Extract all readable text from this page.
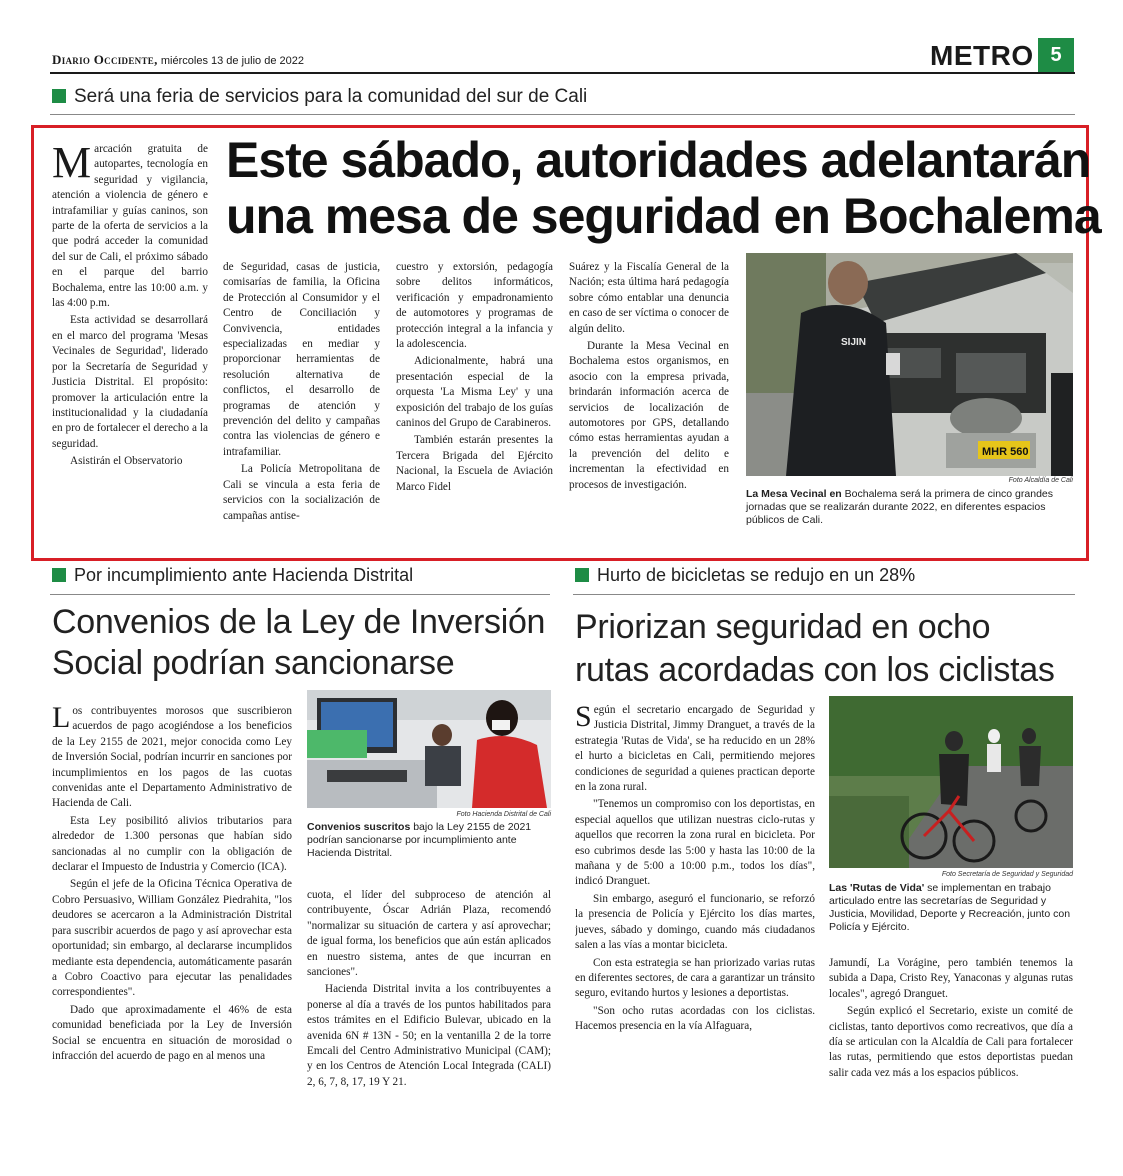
Diario Occidente, miércoles 13 de julio de 2022	METRO 5
Será una feria de servicios para la comunidad del sur de Cali
Este sábado, autoridades adelantarán
una mesa de seguridad en Bochalema

Marcación gratuita de autopartes, tecnología en seguridad y vigilancia, atención a violencia de género e intrafamiliar y guías caninos, son parte de la oferta de servicios a la que podrá acceder la comunidad del sur de Cali, el próximo sábado en el parque del barrio Bochalema, entre las 10:00 a.m. y las 4:00 p.m.

Esta actividad se desarrollará en el marco del programa 'Mesas Vecinales de Seguridad', liderado por la Secretaría de Seguridad y Justicia Distrital. El propósito: promover la articulación entre la institucionalidad y la ciudadanía en pro de fortalecer el derecho a la seguridad.

Asistirán el Observatorio

de Seguridad, casas de justicia, comisarías de familia, la Oficina de Protección al Consumidor y el Centro de Conciliación y Convivencia, entidades especializadas en mediar y proporcionar herramientas de resolución alternativa de conflictos, el desarrollo de programas de atención y prevención del delito y campañas contra las violencias de género e intrafamiliar.

La Policía Metropolitana de Cali se vincula a esta feria de servicios con la socialización de campañas antise-

cuestro y extorsión, pedagogía sobre delitos informáticos, verificación y empadronamiento de automotores y programas de protección integral a la infancia y la adolescencia.

Adicionalmente, habrá una presentación especial de la orquesta 'La Misma Ley' y una exposición del trabajo de los guías caninos del Grupo de Carabineros.

También estarán presentes la Tercera Brigada del Ejército Nacional, la Escuela de Aviación Marco Fidel

Suárez y la Fiscalía General de la Nación; esta última hará pedagogía sobre cómo entablar una denuncia en caso de ser víctima o conocer de algún delito.

Durante la Mesa Vecinal en Bochalema estos organismos, en asocio con la empresa privada, brindarán información acerca de servicios de localización de automotores por GPS, detallando cómo estas herramientas ayudan a la prevención del delito e incrementan la efectividad en procesos de investigación.

MHR 560
SIJIN
Foto Alcaldía de Cali
La Mesa Vecinal en Bochalema será la primera de cinco grandes jornadas que se realizarán durante 2022, en diferentes espacios públicos de Cali.
Por incumplimiento ante Hacienda Distrital
Convenios de la Ley de Inversión
Social podrían sancionarse

Los contribuyentes morosos que suscribieron acuerdos de pago acogiéndose a los beneficios de la Ley 2155 de 2021, mejor conocida como Ley de Inversión Social, podrían incurrir en sanciones por incumplimientos en los pagos de las cuotas convenidas ante el Departamento Administrativo de Hacienda de Cali.

Esta Ley posibilitó alivios tributarios para alrededor de 1.300 personas que habían sido sancionadas al no cumplir con la obligación de declarar el Impuesto de Industria y Comercio (ICA).

Según el jefe de la Oficina Técnica Operativa de Cobro Persuasivo, William González Piedrahita, "los deudores se acercaron a la Administración Distrital para suscribir acuerdos de pago y así aprovechar esta oportunidad; sin embargo, al declararse incumplidos mediante esta dependencia, automáticamente pasarán a Cobro Coactivo para ejecutar las penalidades correspondientes".

Dado que aproximadamente el 46% de esta comunidad beneficiada por la Ley de Inversión Social se encuentra en situación de morosidad o infracción del acuerdo de pago en al menos una

Foto Hacienda Distrital de Cali
Convenios suscritos bajo la Ley 2155 de 2021 podrían sancionarse por incumplimiento ante Hacienda Distrital.

cuota, el líder del subproceso de atención al contribuyente, Óscar Adrián Plaza, recomendó "normalizar su situación de cartera y así aprovechar; de igual forma, los beneficios que aún están aplicados en nuestro sistema, antes de que incurran en sanciones".

Hacienda Distrital invita a los contribuyentes a ponerse al día a través de los puntos habilitados para estos trámites en el Edificio Bulevar, ubicado en la avenida 6N # 13N - 50; en la ventanilla 2 de la torre Emcali del Centro Administrativo Municipal (CAM); y en los Centros de Atención Local Integrada (CALI) 2, 6, 7, 8, 17, 19 Y 21.

Hurto de bicicletas se redujo en un 28%
Priorizan seguridad en ocho
rutas acordadas con los ciclistas

Según el secretario encargado de Seguridad y Justicia Distrital, Jimmy Dranguet, a través de la estrategia 'Rutas de Vida', se ha reducido en un 28% el hurto a bicicletas en Cali, permitiendo mejores condiciones de seguridad a quienes practican deporte en la zona rural.

"Tenemos un compromiso con los deportistas, en especial aquellos que utilizan nuestras ciclo-rutas y aquellos que recorren la zona rural en bicicleta. Por eso cubrimos desde las 5:00 y hasta las 10:00 de la mañana y de 5:00 a 10:00 p.m., todos los días", indicó Dranguet.

Sin embargo, aseguró el funcionario, se reforzó la presencia de Policía y Ejército los días martes, jueves, sábado y domingo, cuando más ciudadanos salen a las vías a montar bicicleta.

Con esta estrategia se han priorizado varias rutas en diferentes sectores, de cara a garantizar un tránsito seguro, evitando hurtos y lesiones a deportistas.

"Son ocho rutas acordadas con los ciclistas. Hacemos presencia en la vía Alfaguara,

Foto Secretaría de Seguridad y Seguridad
Las 'Rutas de Vida' se implementan en trabajo articulado entre las secretarías de Seguridad y Justicia, Movilidad, Deporte y Recreación, junto con Policía y Ejército.

Jamundí, La Vorágine, pero también tenemos la subida a Dapa, Cristo Rey, Yanaconas y algunas rutas locales", agregó Dranguet.

Según explicó el Secretario, existe un comité de ciclistas, tanto deportivos como recreativos, que día a día se articulan con la Alcaldía de Cali para fortalecer las rutas, permitiendo que estos deportistas puedan salir cada vez más a los espacios públicos.
